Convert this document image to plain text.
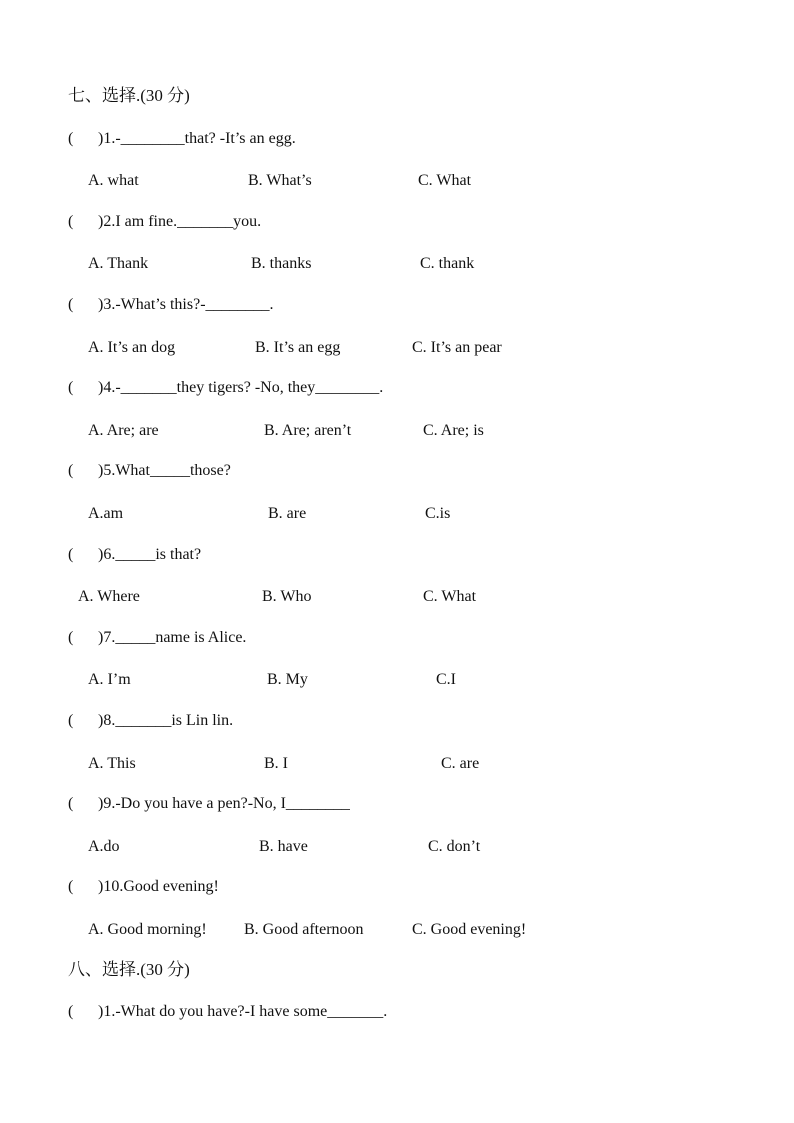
七、选择.(30 分)
( )1.-________that? -It’s an egg.
A. what	B. What’s	C. What
( )2.I am fine._______you.
A. Thank	B. thanks	C. thank
( )3.-What’s this?-________.
A. It’s an dog	B. It’s an egg	C. It’s an pear
( )4.-_______they tigers? -No, they________.
A. Are; are	B. Are; aren’t	C. Are; is
( )5.What_____those?
A.am	B. are	C.is
( )6._____is that?
A. Where	B. Who	C. What
( )7._____name is Alice.
A. I’m	B. My	C.I
( )8._______is Lin lin.
A. This	B. I	C. are
( )9.-Do you have a pen?-No, I________
A.do	B. have	C. don’t
( )10.Good evening!
A. Good morning! B. Good afternoon	C. Good evening!
八、选择.(30 分)
( )1.-What do you have?-I have some_______.
